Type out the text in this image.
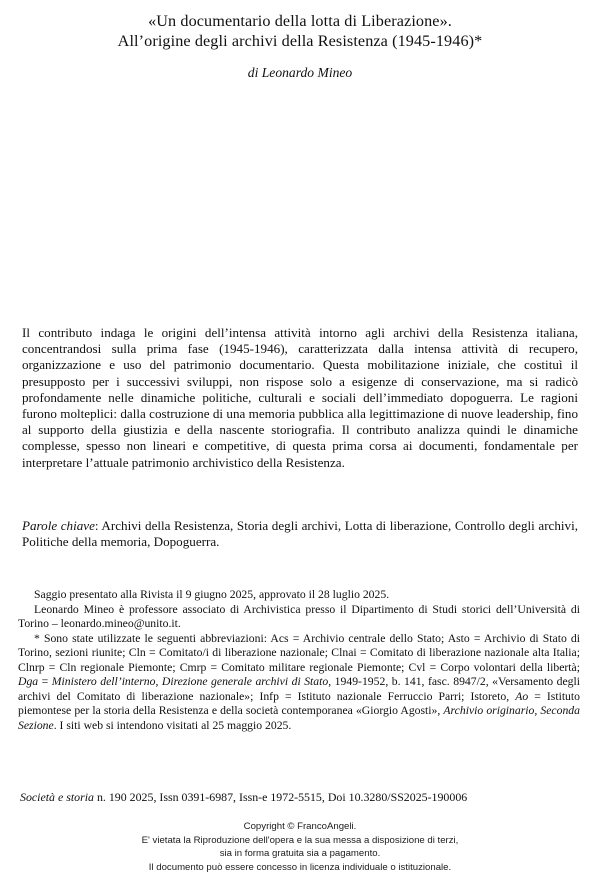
«Un documentario della lotta di Liberazione».
All’origine degli archivi della Resistenza (1945-1946)*
di Leonardo Mineo

Il contributo indaga le origini dell’intensa attività intorno agli archivi della Resistenza italiana, concentrandosi sulla prima fase (1945-1946), caratterizzata dalla intensa attività di recupero, organizzazione e uso del patrimonio documentario. Questa mobilitazione iniziale, che costituì il presupposto per i successivi sviluppi, non rispose solo a esigenze di conservazione, ma si radicò profondamente nelle dinamiche politiche, culturali e sociali dell’immediato dopoguerra. Le ragioni furono molteplici: dalla costruzione di una memoria pubblica alla legittimazione di nuove leadership, fino al supporto della giustizia e della nascente storiografia. Il contributo analizza quindi le dinamiche complesse, spesso non lineari e competitive, di questa prima corsa ai documenti, fondamentale per interpretare l’attuale patrimonio archivistico della Resistenza.

Parole chiave: Archivi della Resistenza, Storia degli archivi, Lotta di liberazione, Controllo degli archivi, Politiche della memoria, Dopoguerra.

Saggio presentato alla Rivista il 9 giugno 2025, approvato il 28 luglio 2025.

Leonardo Mineo è professore associato di Archivistica presso il Dipartimento di Studi storici dell’Università di Torino – leonardo.mineo@unito.it.

* Sono state utilizzate le seguenti abbreviazioni: Acs = Archivio centrale dello Stato; Asto = Archivio di Stato di Torino, sezioni riunite; Cln = Comitato/i di liberazione nazionale; Clnai = Comitato di liberazione nazionale alta Italia; Clnrp = Cln regionale Piemonte; Cmrp = Comitato militare regionale Piemonte; Cvl = Corpo volontari della libertà; Dga = Ministero dell’interno, Direzione generale archivi di Stato, 1949-1952, b. 141, fasc. 8947/2, «Versamento degli archivi del Comitato di liberazione nazionale»; Infp = Istituto nazionale Ferruccio Parri; Istoreto, Ao = Istituto piemontese per la storia della Resistenza e della società contemporanea «Giorgio Agosti», Archivio originario, Seconda Sezione. I siti web si intendono visitati al 25 maggio 2025.

Società e storia n. 190 2025, Issn 0391-6987, Issn-e 1972-5515, Doi 10.3280/SS2025-190006
Copyright © FrancoAngeli.
E' vietata la Riproduzione dell'opera e la sua messa a disposizione di terzi,
sia in forma gratuita sia a pagamento.
Il documento può essere concesso in licenza individuale o istituzionale.
